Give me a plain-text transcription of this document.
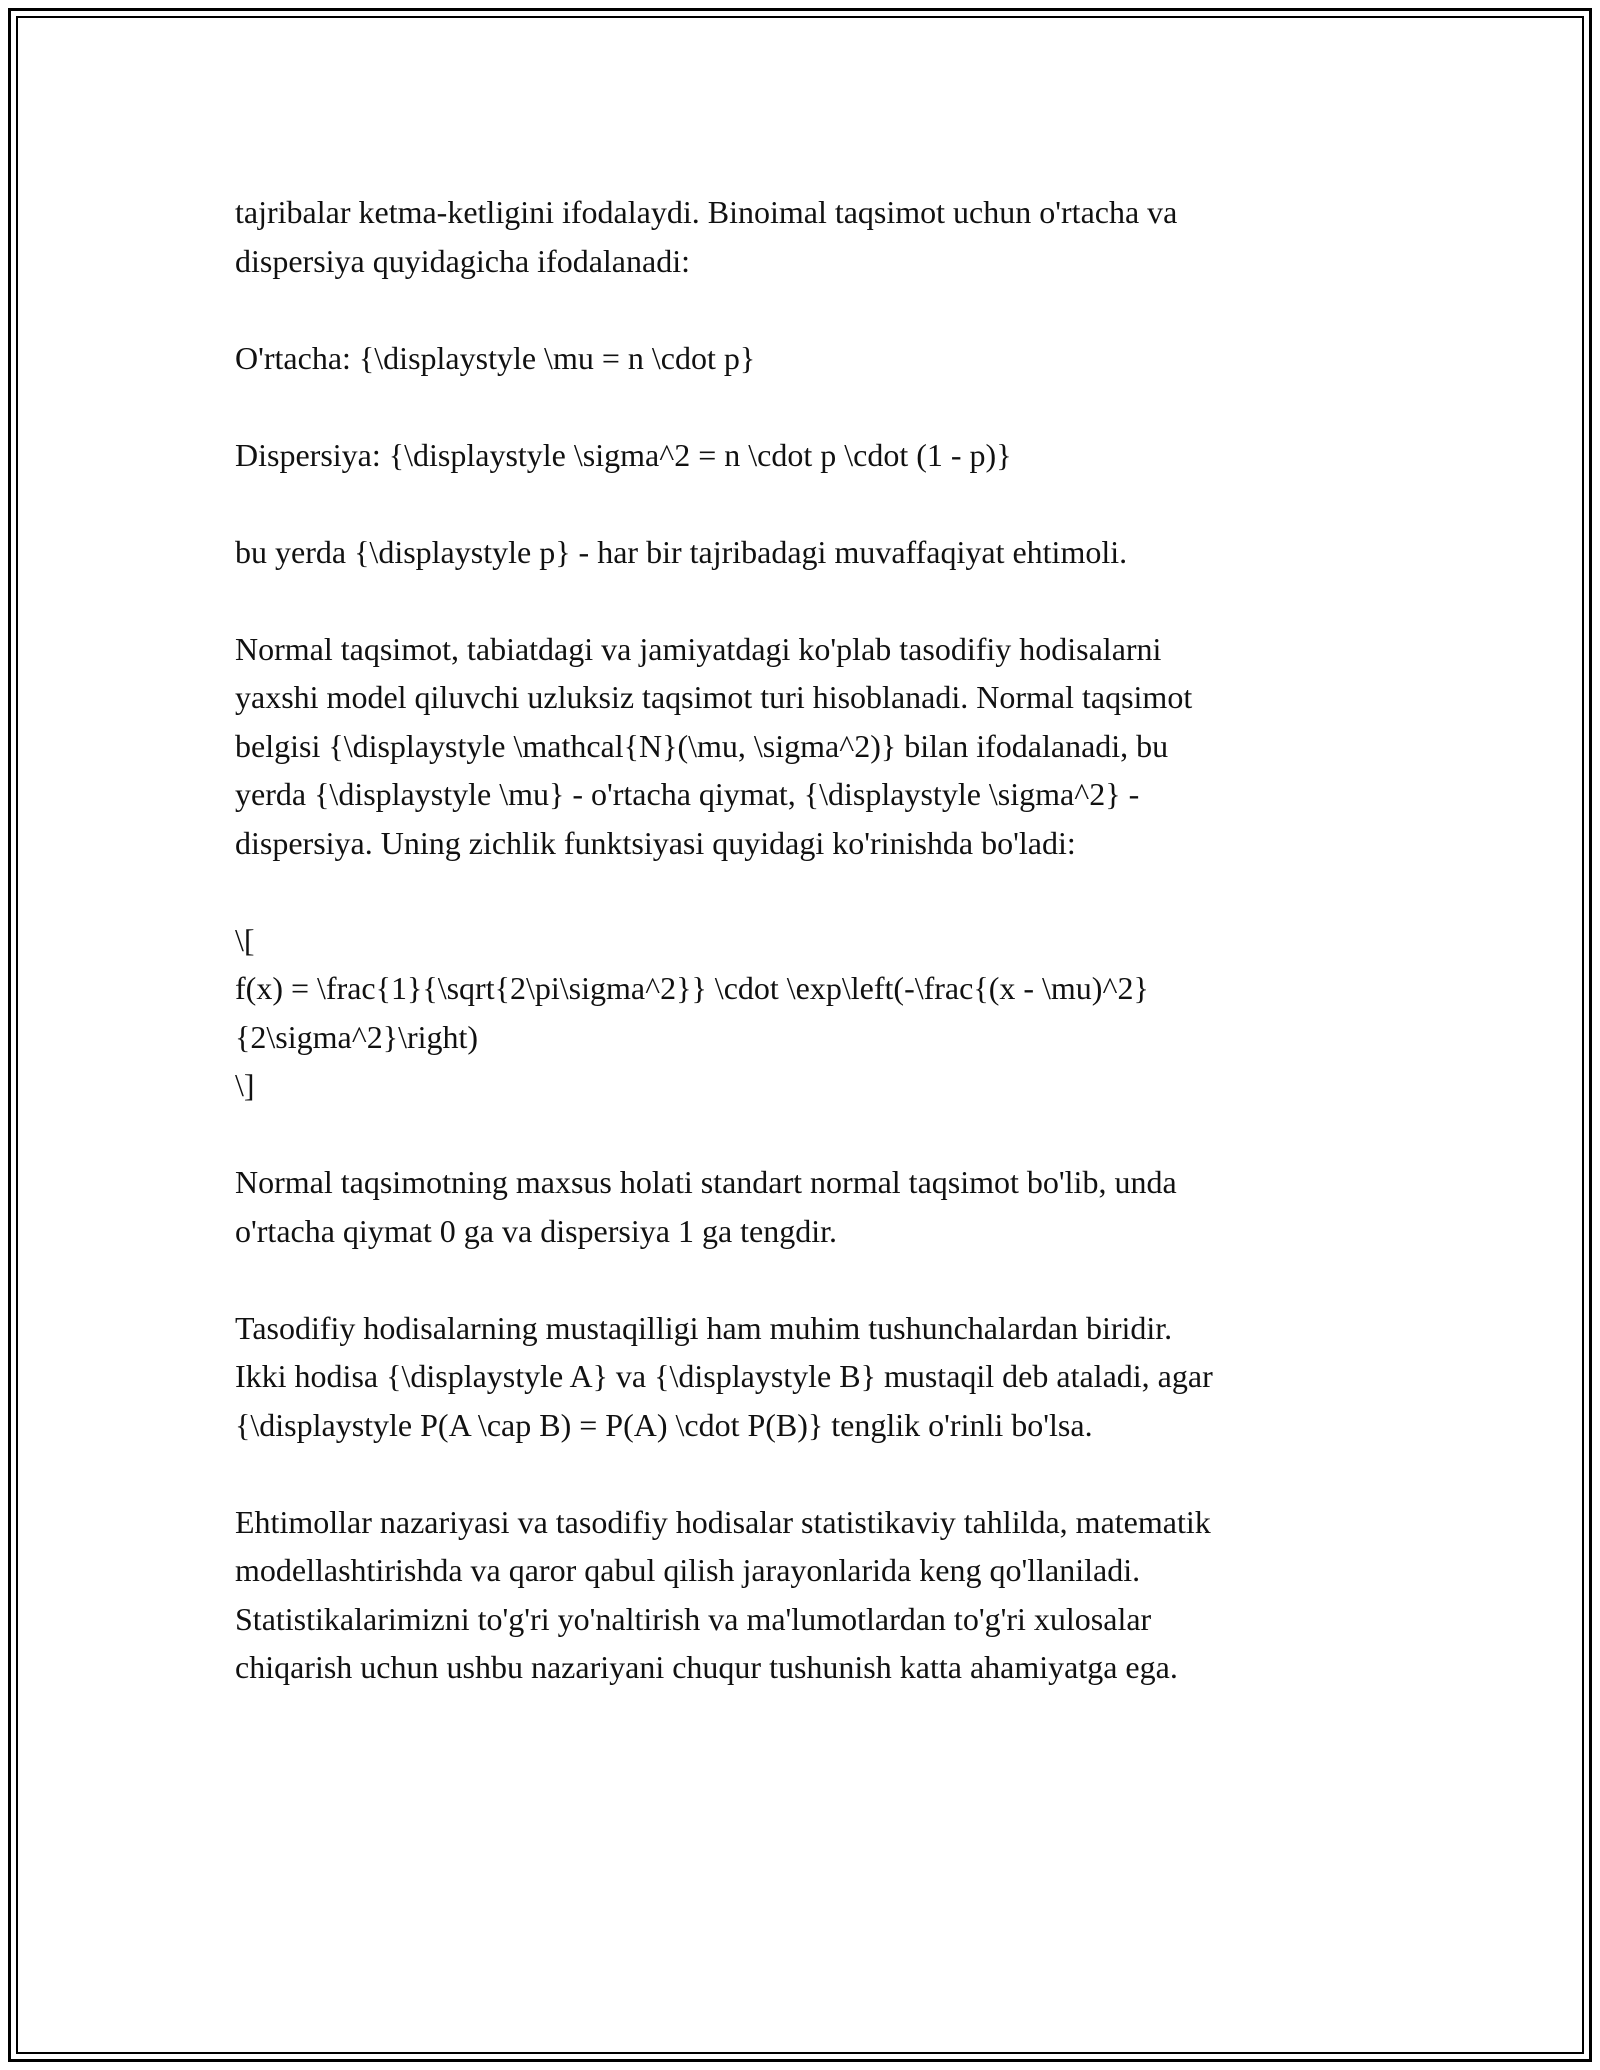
tajribalar ketma-ketligini ifodalaydi. Binoimal taqsimot uchun o'rtacha va
dispersiya quyidagicha ifodalanadi:

O'rtacha: {\displaystyle \mu = n \cdot p}

Dispersiya: {\displaystyle \sigma^2 = n \cdot p \cdot (1 - p)}

bu yerda {\displaystyle p} - har bir tajribadagi muvaffaqiyat ehtimoli.

Normal taqsimot, tabiatdagi va jamiyatdagi ko'plab tasodifiy hodisalarni
yaxshi model qiluvchi uzluksiz taqsimot turi hisoblanadi. Normal taqsimot
belgisi {\displaystyle \mathcal{N}(\mu, \sigma^2)} bilan ifodalanadi, bu
yerda {\displaystyle \mu} - o'rtacha qiymat, {\displaystyle \sigma^2} -
dispersiya. Uning zichlik funktsiyasi quyidagi ko'rinishda bo'ladi:

\[
f(x) = \frac{1}{\sqrt{2\pi\sigma^2}} \cdot \exp\left(-\frac{(x - \mu)^2}
{2\sigma^2}\right)
\]

Normal taqsimotning maxsus holati standart normal taqsimot bo'lib, unda
o'rtacha qiymat 0 ga va dispersiya 1 ga tengdir.

Tasodifiy hodisalarning mustaqilligi ham muhim tushunchalardan biridir.
Ikki hodisa {\displaystyle A} va {\displaystyle B} mustaqil deb ataladi, agar
{\displaystyle P(A \cap B) = P(A) \cdot P(B)} tenglik o'rinli bo'lsa.

Ehtimollar nazariyasi va tasodifiy hodisalar statistikaviy tahlilda, matematik
modellashtirishda va qaror qabul qilish jarayonlarida keng qo'llaniladi.
Statistikalarimizni to'g'ri yo'naltirish va ma'lumotlardan to'g'ri xulosalar
chiqarish uchun ushbu nazariyani chuqur tushunish katta ahamiyatga ega.
